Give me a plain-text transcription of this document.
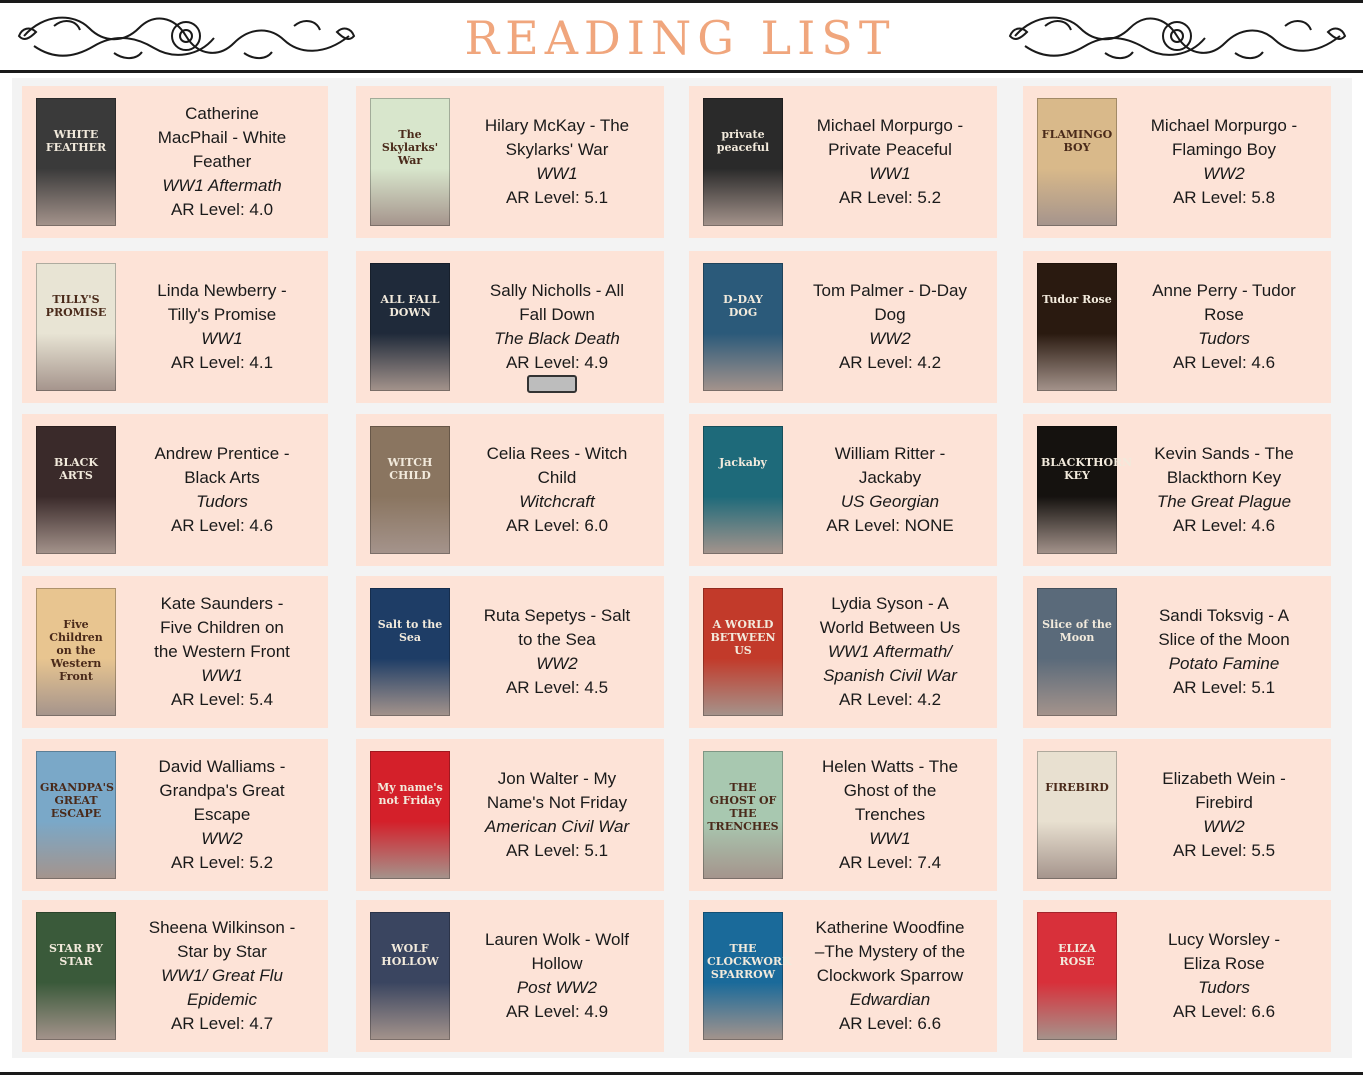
READING LIST
WHITE FEATHER
Catherine
MacPhail - White
Feather
WW1 Aftermath
AR Level: 4.0
The Skylarks' War
Hilary McKay - The
Skylarks' War
WW1
AR Level: 5.1
private peaceful
Michael Morpurgo -
Private Peaceful
WW1
AR Level: 5.2
FLAMINGO BOY
Michael Morpurgo -
Flamingo Boy
WW2
AR Level: 5.8
TILLY'S PROMISE
Linda Newberry -
Tilly's Promise
WW1
AR Level: 4.1
ALL FALL DOWN
Sally Nicholls - All
Fall Down
The Black Death
AR Level: 4.9
D-DAY DOG
Tom Palmer - D-Day
Dog
WW2
AR Level: 4.2
Tudor Rose	Anne Perry - Tudor
Rose
Tudors
AR Level: 4.6
BLACK ARTS
Andrew Prentice -
Black Arts
Tudors
AR Level: 4.6
WITCH CHILD
Celia Rees - Witch
Child
Witchcraft
AR Level: 6.0
Jackaby	William Ritter -
Jackaby
US Georgian
AR Level: NONE
BLACKTHORN KEY
Kevin Sands - The
Blackthorn Key
The Great Plague
AR Level: 4.6
Five Children on the Western Front
Kate Saunders -
Five Children on
the Western Front
WW1
AR Level: 5.4
Salt to the Sea
Ruta Sepetys - Salt
to the Sea
WW2
AR Level: 4.5
A WORLD BETWEEN US
Lydia Syson - A
World Between Us
WW1 Aftermath/
Spanish Civil War
AR Level: 4.2
Slice of the Moon
Sandi Toksvig - A
Slice of the Moon
Potato Famine
AR Level: 5.1
GRANDPA'S GREAT ESCAPE
David Walliams -
Grandpa's Great
Escape
WW2
AR Level: 5.2
My name's not Friday
Jon Walter - My
Name's Not Friday
American Civil War
AR Level: 5.1
THE GHOST OF THE TRENCHES
Helen Watts - The
Ghost of the
Trenches
WW1
AR Level: 7.4
FIREBIRD	Elizabeth Wein -
Firebird
WW2
AR Level: 5.5
STAR BY STAR
Sheena Wilkinson -
Star by Star
WW1/ Great Flu
Epidemic
AR Level: 4.7
WOLF HOLLOW
Lauren Wolk - Wolf
Hollow
Post WW2
AR Level: 4.9
THE CLOCKWORK SPARROW
Katherine Woodfine
–The Mystery of the
Clockwork Sparrow
Edwardian
AR Level: 6.6
ELIZA ROSE
Lucy Worsley -
Eliza Rose
Tudors
AR Level: 6.6
